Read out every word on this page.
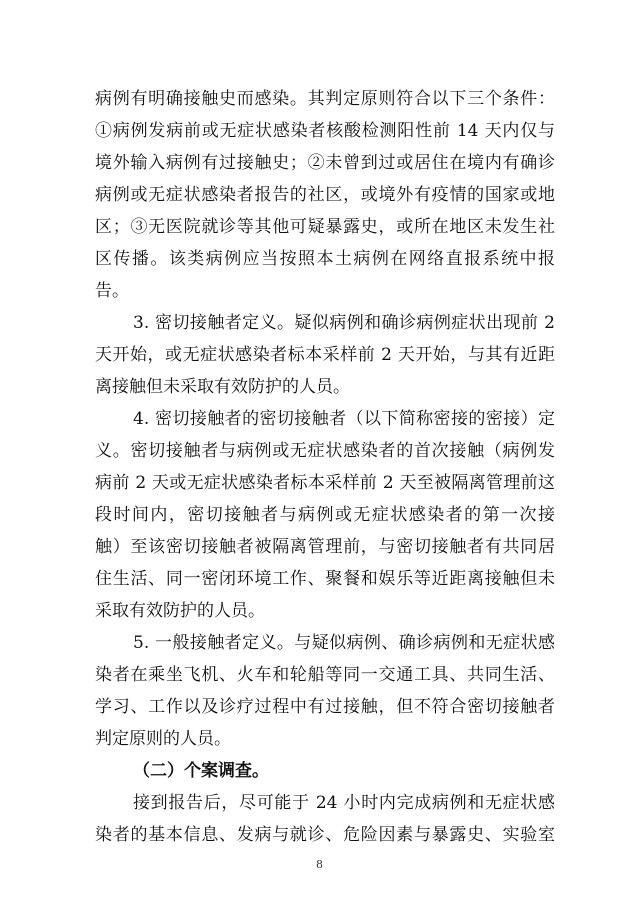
病例有明确接触史而感染。其判定原则符合以下三个条件：
①病例发病前或无症状感染者核酸检测阳性前 14 天内仅与
境外输入病例有过接触史；②未曾到过或居住在境内有确诊
病例或无症状感染者报告的社区，或境外有疫情的国家或地
区；③无医院就诊等其他可疑暴露史，或所在地区未发生社
区传播。该类病例应当按照本土病例在网络直报系统中报
告。
3. 密切接触者定义。疑似病例和确诊病例症状出现前 2
天开始，或无症状感染者标本采样前 2 天开始，与其有近距
离接触但未采取有效防护的人员。
4. 密切接触者的密切接触者（以下简称密接的密接）定
义。密切接触者与病例或无症状感染者的首次接触（病例发
病前 2 天或无症状感染者标本采样前 2 天至被隔离管理前这
段时间内，密切接触者与病例或无症状感染者的第一次接
触）至该密切接触者被隔离管理前，与密切接触者有共同居
住生活、同一密闭环境工作、聚餐和娱乐等近距离接触但未
采取有效防护的人员。
5. 一般接触者定义。与疑似病例、确诊病例和无症状感
染者在乘坐飞机、火车和轮船等同一交通工具、共同生活、
学习、工作以及诊疗过程中有过接触，但不符合密切接触者
判定原则的人员。
（二）个案调查。
接到报告后，尽可能于 24 小时内完成病例和无症状感
染者的基本信息、发病与就诊、危险因素与暴露史、实验室
8
